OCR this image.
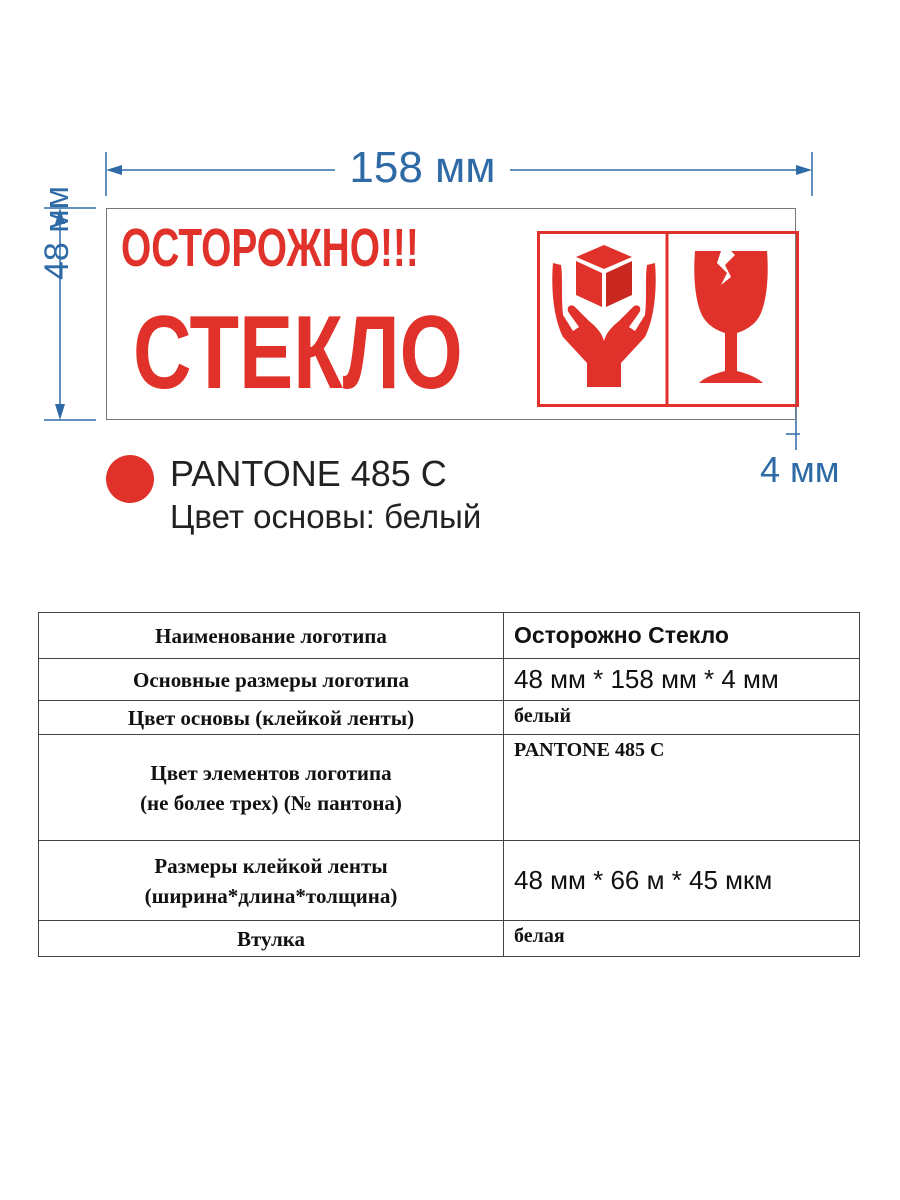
158 мм
48 мм
4 мм
ОСТОРОЖНО!!!
СТЕКЛО
PANTONE 485 C
Цвет основы: белый
Наименование логотипа	Осторожно Стекло
Основные размеры логотипа	48 мм * 158 мм * 4 мм
Цвет основы (клейкой ленты)	белый

Цвет элементов логотипа
(не более трех) (№ пантона)	PANTONE 485 C

Размеры клейкой ленты
(ширина*длина*толщина)	48 мм * 66 м * 45 мкм
Втулка	белая
